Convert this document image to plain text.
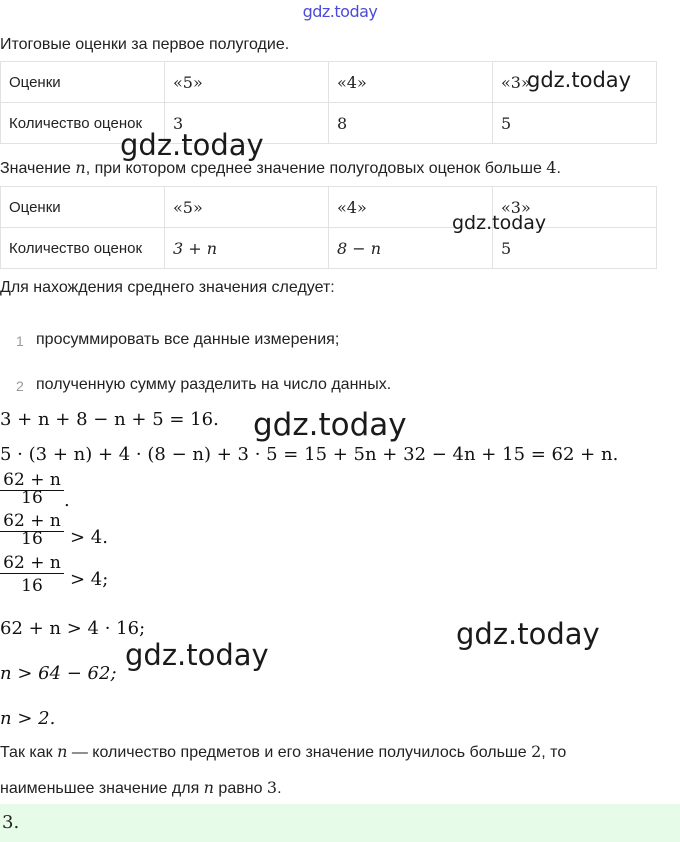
gdz.today
Итоговые оценки за первое полугодие.
Оценки	«5»	«4»	«3»
Количество оценок	3	8	5
Значение n, при котором среднее значение полугодовых оценок больше 4.
Оценки	«5»	«4»	«3»
Количество оценок	3 + n	8 − n	5
Для нахождения среднего значения следует:
1 просуммировать все данные измерения;
2 полученную сумму разделить на число данных.
3 + n + 8 − n + 5 = 16.
5 · (3 + n) + 4 · (8 − n) + 3 · 5 = 15 + 5n + 32 − 4n + 15 = 62 + n.
62 + n
16	.
62 + n
16	> 4.
62 + n
16	> 4;
62 + n > 4 · 16;
n > 64 − 62;
n > 2.
Так как n — количество предметов и его значение получилось больше 2, то
наименьшее значение для n равно 3.
3.
gdz.today
gdz.today
gdz.today
gdz.today
gdz.today
gdz.today
